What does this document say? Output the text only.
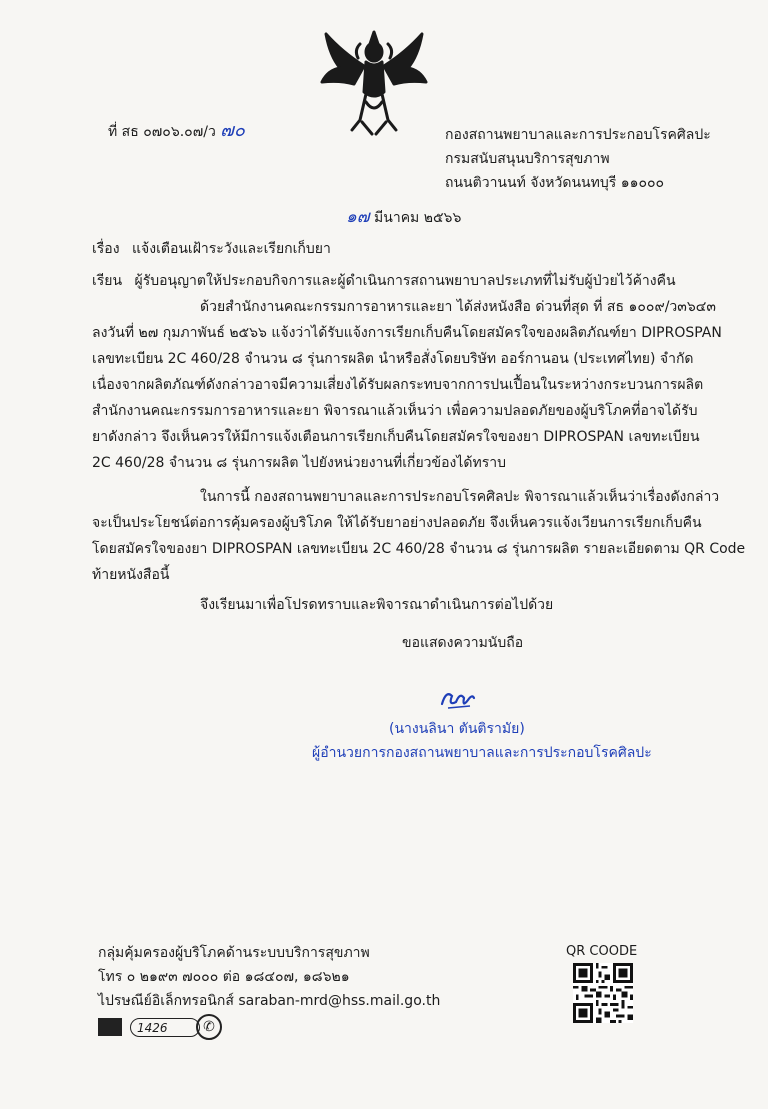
ที่ สธ ๐๗๐๖.๐๗/ว ๗๐	กองสถานพยาบาลและการประกอบโรคศิลปะ
กรมสนับสนุนบริการสุขภาพ
ถนนติวานนท์ จังหวัดนนทบุรี ๑๑๐๐๐
๑๗ มีนาคม ๒๕๖๖
เรื่อง แจ้งเตือนเฝ้าระวังและเรียกเก็บยา
เรียน ผู้รับอนุญาตให้ประกอบกิจการและผู้ดำเนินการสถานพยาบาลประเภทที่ไม่รับผู้ป่วยไว้ค้างคืน
ด้วยสำนักงานคณะกรรมการอาหารและยา ได้ส่งหนังสือ ด่วนที่สุด ที่ สธ ๑๐๐๙/ว๓๖๔๓
ลงวันที่ ๒๗ กุมภาพันธ์ ๒๕๖๖ แจ้งว่าได้รับแจ้งการเรียกเก็บคืนโดยสมัครใจของผลิตภัณฑ์ยา DIPROSPAN
เลขทะเบียน 2C 460/28 จำนวน ๘ รุ่นการผลิต นำหรือสั่งโดยบริษัท ออร์กานอน (ประเทศไทย) จำกัด
เนื่องจากผลิตภัณฑ์ดังกล่าวอาจมีความเสี่ยงได้รับผลกระทบจากการปนเปื้อนในระหว่างกระบวนการผลิต
สำนักงานคณะกรรมการอาหารและยา พิจารณาแล้วเห็นว่า เพื่อความปลอดภัยของผู้บริโภคที่อาจได้รับ
ยาดังกล่าว จึงเห็นควรให้มีการแจ้งเตือนการเรียกเก็บคืนโดยสมัครใจของยา DIPROSPAN เลขทะเบียน
2C 460/28 จำนวน ๘ รุ่นการผลิต ไปยังหน่วยงานที่เกี่ยวข้องได้ทราบ
ในการนี้ กองสถานพยาบาลและการประกอบโรคศิลปะ พิจารณาแล้วเห็นว่าเรื่องดังกล่าว
จะเป็นประโยชน์ต่อการคุ้มครองผู้บริโภค ให้ได้รับยาอย่างปลอดภัย จึงเห็นควรแจ้งเวียนการเรียกเก็บคืน
โดยสมัครใจของยา DIPROSPAN เลขทะเบียน 2C 460/28 จำนวน ๘ รุ่นการผลิต รายละเอียดตาม QR Code
ท้ายหนังสือนี้
จึงเรียนมาเพื่อโปรดทราบและพิจารณาดำเนินการต่อไปด้วย
ขอแสดงความนับถือ
(นางนลินา ตันติรามัย)
ผู้อำนวยการกองสถานพยาบาลและการประกอบโรคศิลปะ
กลุ่มคุ้มครองผู้บริโภคด้านระบบบริการสุขภาพ
โทร ๐ ๒๑๙๓ ๗๐๐๐ ต่อ ๑๘๔๐๗, ๑๘๖๒๑
ไปรษณีย์อิเล็กทรอนิกส์ saraban-mrd@hss.mail.go.th
1426	✆
QR COODE
